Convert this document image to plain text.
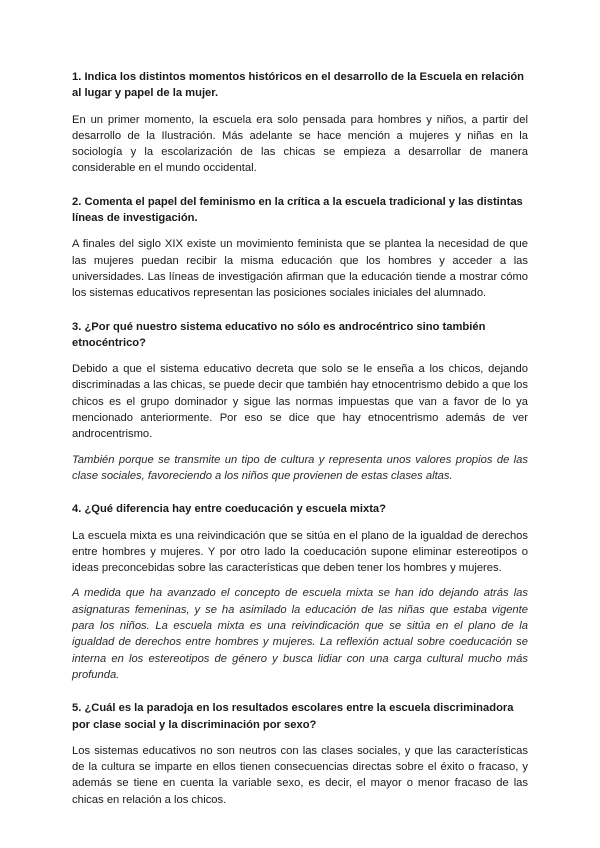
1. Indica los distintos momentos históricos en el desarrollo de la Escuela en relación al lugar y papel de la mujer.

En un primer momento, la escuela era solo pensada para hombres y niños, a partir del desarrollo de la Ilustración. Más adelante se hace mención a mujeres y niñas en la sociología y la escolarización de las chicas se empieza a desarrollar de manera considerable en el mundo occidental.

2. Comenta el papel del feminismo en la crítica a la escuela tradicional y las distintas líneas de investigación.

A finales del siglo XIX existe un movimiento feminista que se plantea la necesidad de que las mujeres puedan recibir la misma educación que los hombres y acceder a las universidades. Las líneas de investigación afirman que la educación tiende a mostrar cómo los sistemas educativos representan las posiciones sociales iniciales del alumnado.

3. ¿Por qué nuestro sistema educativo no sólo es androcéntrico sino también etnocéntrico?

Debido a que el sistema educativo decreta que solo se le enseña a los chicos, dejando discriminadas a las chicas, se puede decir que también hay etnocentrismo debido a que los chicos es el grupo dominador y sigue las normas impuestas que van a favor de lo ya mencionado anteriormente. Por eso se dice que hay etnocentrismo además de ver androcentrismo.

También porque se transmite un tipo de cultura y representa unos valores propios de las clase sociales, favoreciendo a los niños que provienen de estas clases altas.

4. ¿Qué diferencia hay entre coeducación y escuela mixta?

La escuela mixta es una reivindicación que se sitúa en el plano de la igualdad de derechos entre hombres y mujeres. Y por otro lado la coeducación supone eliminar estereotipos o ideas preconcebidas sobre las características que deben tener los hombres y mujeres.

A medida que ha avanzado el concepto de escuela mixta se han ido dejando atrás las asignaturas femeninas, y se ha asimilado la educación de las niñas que estaba vigente para los niños. La escuela mixta es una reivindicación que se sitúa en el plano de la igualdad de derechos entre hombres y mujeres. La reflexión actual sobre coeducación se interna en los estereotipos de género y busca lidiar con una carga cultural mucho más profunda.

5. ¿Cuál es la paradoja en los resultados escolares entre la escuela discriminadora por clase social y la discriminación por sexo?

Los sistemas educativos no son neutros con las clases sociales, y que las características de la cultura se imparte en ellos tienen consecuencias directas sobre el éxito o fracaso, y además se tiene en cuenta la variable sexo, es decir, el mayor o menor fracaso de las chicas en relación a los chicos.
